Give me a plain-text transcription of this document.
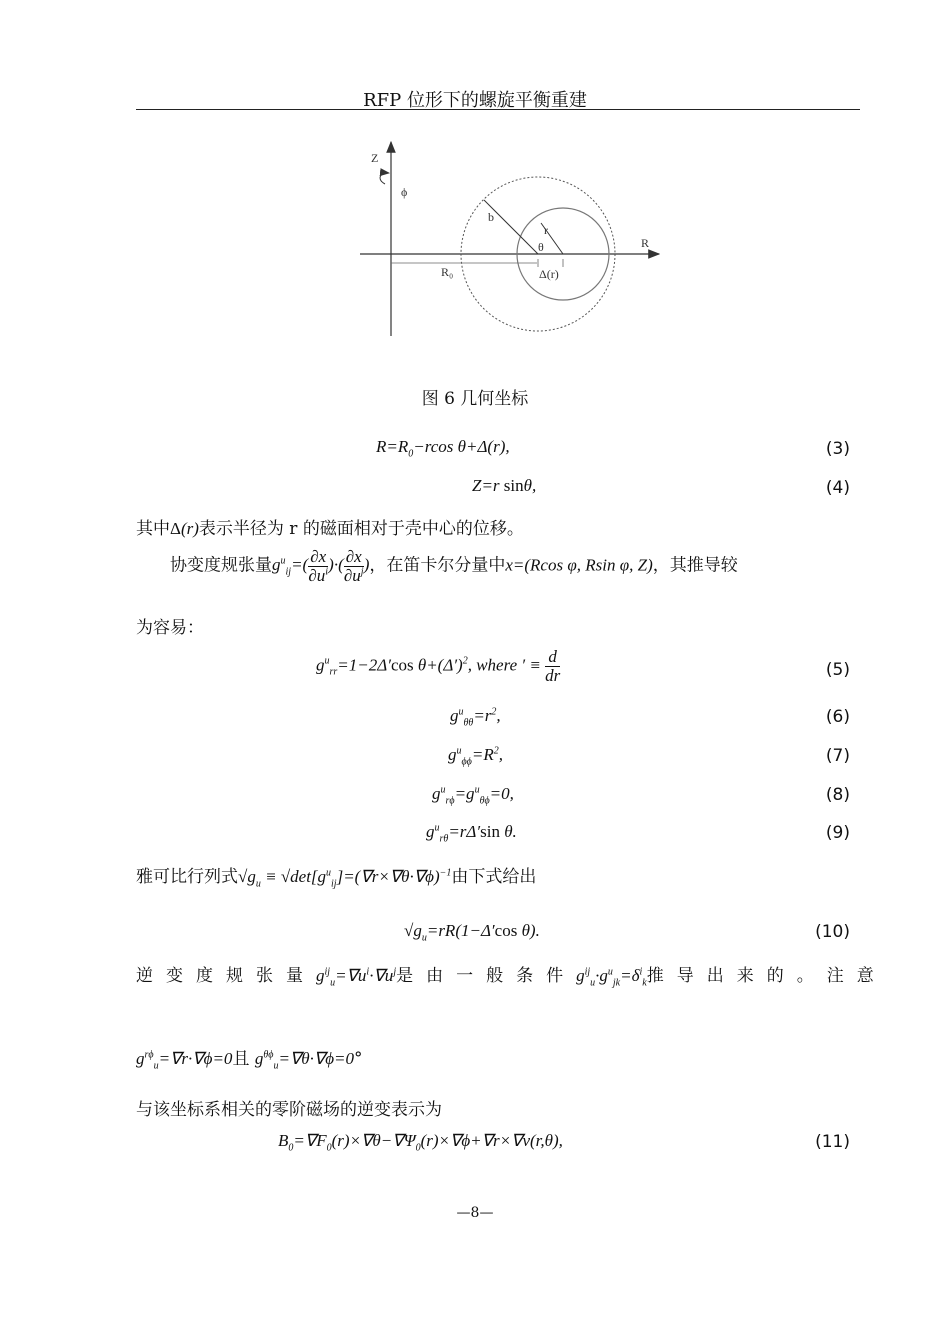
RFP 位形下的螺旋平衡重建
Z
ϕ
R
b
r
θ
R₀	Δ(r)
图 6 几何坐标
$R=R_0-rcos$ θ+Δ(r),	(3)
Z=r sinθ,	(4)
其中Δ(r)表示半径为 r 的磁面相对于壳中心的位移。
协变度规张量$g^u_{ij}=( \frac{\partial x}{\partial u^i}$ )·( $\frac{\partial x}{\partial u^j}$ )，在笛卡尔分量中x=(Rcos φ, Rsin φ, Z)，其推导较
为容易：
$g^u_{rr}=1-2\Delta'\cos$ $\theta+(\Delta')^2$, where ′ ≡ $\frac{d}{dr}$	(5)
$g^u_{\theta\theta}=r^2$,	(6)
$g^u_{\phi\phi}=R^2$,	(7)
$g^u_{r\phi}=g^u_{\theta\phi}=0$,	(8)
$g^u_{r\theta}=r\Delta'\sin$ θ.	(9)
雅可比行列式$√g_u \equiv √\det[g^u_{ij}]=(\nabla r\times\nabla\theta\cdot\nabla\phi)^{-1}$由下式给出
$√g_u=rR(1-\Delta'\cos$ θ).	(10)
逆变度规张量$g^{ij}_u=\nabla u^i\cdot\nabla u^j$是由一般条件$g^{ij}_u\cdot g^u_{jk}=\delta^i_k$推导出来的。注意
$g^{r\phi}_u=\nabla r\cdot\nabla\phi=0$且 $g^{\theta\phi}_u=\nabla\theta\cdot\nabla\phi=0^\circ$
与该坐标系相关的零阶磁场的逆变表示为
$B_0=\nabla F_0(r)\times\nabla\theta-\nabla\Psi_0(r)\times\nabla\phi+\nabla r\times\nabla\nu(r,\theta)$,	(11)
—8—
